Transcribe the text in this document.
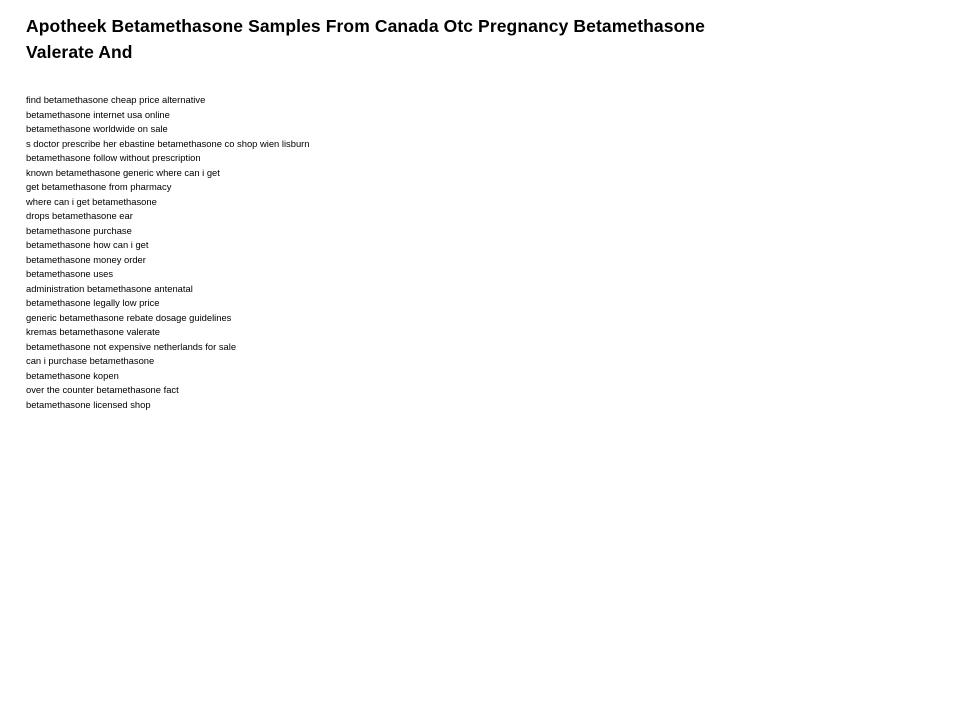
Apotheek Betamethasone Samples From Canada Otc Pregnancy Betamethasone Valerate And
find betamethasone cheap price alternative
betamethasone internet usa online
betamethasone worldwide on sale
s doctor prescribe her ebastine betamethasone co shop wien lisburn
betamethasone follow without prescription
known betamethasone generic where can i get
get betamethasone from pharmacy
where can i get betamethasone
drops betamethasone ear
betamethasone purchase
betamethasone how can i get
betamethasone money order
betamethasone uses
administration betamethasone antenatal
betamethasone legally low price
generic betamethasone rebate dosage guidelines
kremas betamethasone valerate
betamethasone not expensive netherlands for sale
can i purchase betamethasone
betamethasone kopen
over the counter betamethasone fact
betamethasone licensed shop
